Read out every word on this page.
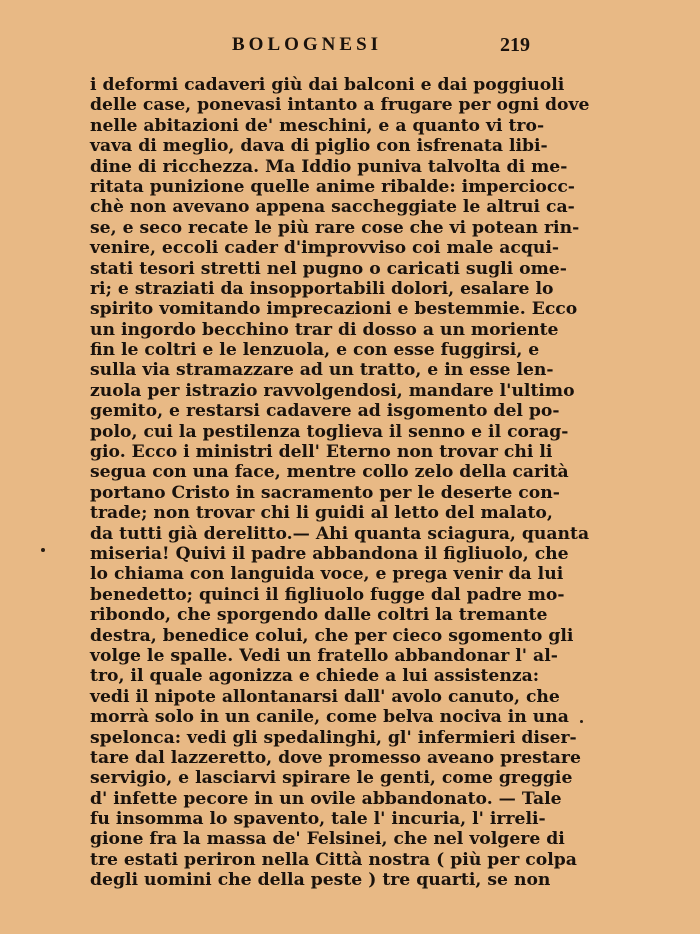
BOLOGNESI	219
i deformi cadaveri giù dai balconi e dai poggiuoli
delle case, ponevasi intanto a frugare per ogni dove
nelle abitazioni de' meschini, e a quanto vi tro-
vava di meglio, dava di piglio con isfrenata libi-
dine di ricchezza. Ma Iddio puniva talvolta di me-
ritata punizione quelle anime ribalde: imperciocc-
chè non avevano appena saccheggiate le altrui ca-
se, e seco recate le più rare cose che vi potean rin-
venire, eccoli cader d'improvviso coi male acqui-
stati tesori stretti nel pugno o caricati sugli ome-
ri; e straziati da insopportabili dolori, esalare lo
spirito vomitando imprecazioni e bestemmie. Ecco
un ingordo becchino trar di dosso a un moriente
fin le coltri e le lenzuola, e con esse fuggirsi, e
sulla via stramazzare ad un tratto, e in esse len-
zuola per istrazio ravvolgendosi, mandare l'ultimo
gemito, e restarsi cadavere ad isgomento del po-
polo, cui la pestilenza toglieva il senno e il corag-
gio. Ecco i ministri dell' Eterno non trovar chi li
segua con una face, mentre collo zelo della carità
portano Cristo in sacramento per le deserte con-
trade; non trovar chi li guidi al letto del malato,
da tutti già derelitto.— Ahi quanta sciagura, quanta
miseria! Quivi il padre abbandona il figliuolo, che
lo chiama con languida voce, e prega venir da lui
benedetto; quinci il figliuolo fugge dal padre mo-
ribondo, che sporgendo dalle coltri la tremante
destra, benedice colui, che per cieco sgomento gli
volge le spalle. Vedi un fratello abbandonar l' al-
tro, il quale agonizza e chiede a lui assistenza:
vedi il nipote allontanarsi dall' avolo canuto, che
morrà solo in un canile, come belva nociva in una
spelonca: vedi gli spedalinghi, gl' infermieri diser-
tare dal lazzeretto, dove promesso aveano prestare
servigio, e lasciarvi spirare le genti, come greggie
d' infette pecore in un ovile abbandonato. — Tale
fu insomma lo spavento, tale l' incuria, l' irreli-
gione fra la massa de' Felsinei, che nel volgere di
tre estati periron nella Città nostra ( più per colpa
degli uomini che della peste ) tre quarti, se non
